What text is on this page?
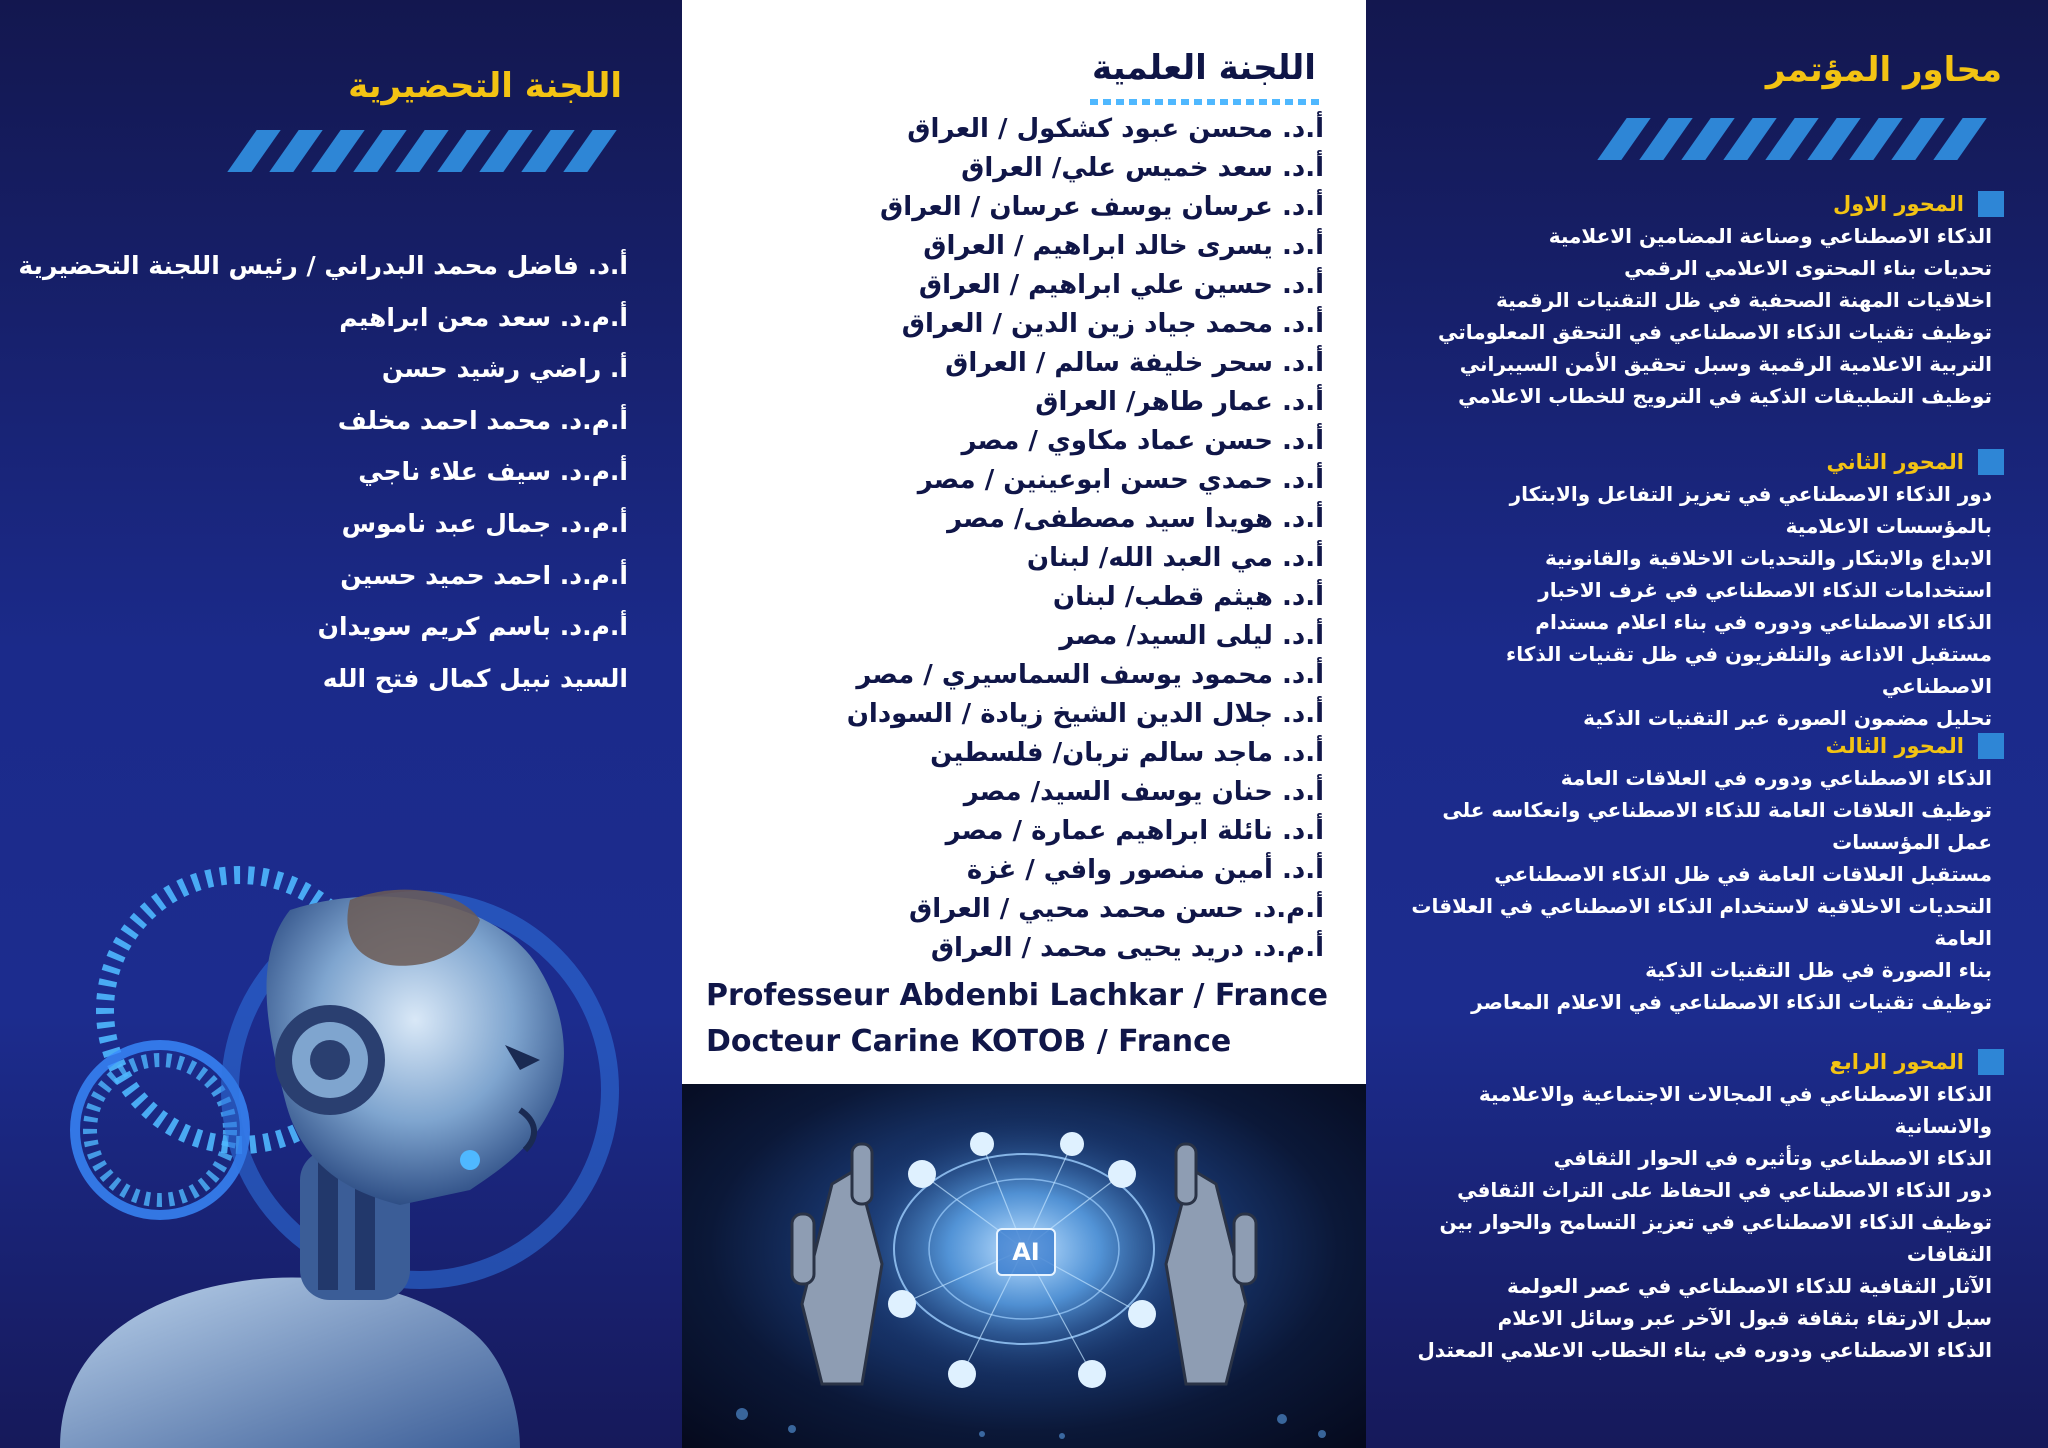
اللجنة التحضيرية
أ.د. فاضل محمد البدراني / رئيس اللجنة التحضيرية
أ.م.د. سعد معن ابراهيم
أ. راضي رشيد حسن
أ.م.د. محمد احمد مخلف
أ.م.د. سيف علاء ناجي
أ.م.د. جمال عبد ناموس
أ.م.د. احمد حميد حسين
أ.م.د. باسم كريم سويدان
السيد نبيل كمال فتح الله
اللجنة العلمية
أ.د. محسن عبود كشكول / العراق
أ.د. سعد خميس علي/ العراق
أ.د. عرسان يوسف عرسان / العراق
أ.د. يسرى خالد ابراهيم / العراق
أ.د. حسين علي ابراهيم / العراق
أ.د. محمد جياد زين الدين / العراق
أ.د. سحر خليفة سالم / العراق
أ.د. عمار طاهر/ العراق
أ.د. حسن عماد مكاوي / مصر
أ.د. حمدي حسن ابوعينين / مصر
أ.د. هويدا سيد مصطفى/ مصر
أ.د. مي العبد الله/ لبنان
أ.د. هيثم قطب/ لبنان
أ.د. ليلى السيد/ مصر
أ.د. محمود يوسف السماسيري / مصر
أ.د. جلال الدين الشيخ زيادة / السودان
أ.د. ماجد سالم تربان/ فلسطين
أ.د. حنان يوسف السيد/ مصر
أ.د. نائلة ابراهيم عمارة / مصر
أ.د. أمين منصور وافي / غزة
أ.م.د. حسن محمد محيي / العراق
أ.م.د. دريد يحيى محمد / العراق
Professeur Abdenbi Lachkar / France
Docteur Carine KOTOB / France
AI
محاور المؤتمر
المحور الاول
الذكاء الاصطناعي وصناعة المضامين الاعلامية
تحديات بناء المحتوى الاعلامي الرقمي
اخلاقيات المهنة الصحفية في ظل التقنيات الرقمية
توظيف تقنيات الذكاء الاصطناعي في التحقق المعلوماتي
التربية الاعلامية الرقمية وسبل تحقيق الأمن السيبراني
توظيف التطبيقات الذكية في الترويج للخطاب الاعلامي
المحور الثاني
دور الذكاء الاصطناعي في تعزيز التفاعل والابتكار بالمؤسسات الاعلامية
الابداع والابتكار والتحديات الاخلاقية والقانونية
استخدامات الذكاء الاصطناعي في غرف الاخبار
الذكاء الاصطناعي ودوره في بناء اعلام مستدام
مستقبل الاذاعة والتلفزيون في ظل تقنيات الذكاء الاصطناعي
تحليل مضمون الصورة عبر التقنيات الذكية
المحور الثالث
الذكاء الاصطناعي ودوره في العلاقات العامة
توظيف العلاقات العامة للذكاء الاصطناعي وانعكاسه على عمل المؤسسات
مستقبل العلاقات العامة في ظل الذكاء الاصطناعي
التحديات الاخلاقية لاستخدام الذكاء الاصطناعي في العلاقات العامة
بناء الصورة في ظل التقنيات الذكية
توظيف تقنيات الذكاء الاصطناعي في الاعلام المعاصر
المحور الرابع
الذكاء الاصطناعي في المجالات الاجتماعية والاعلامية والانسانية
الذكاء الاصطناعي وتأثيره في الحوار الثقافي
دور الذكاء الاصطناعي في الحفاظ على التراث الثقافي
توظيف الذكاء الاصطناعي في تعزيز التسامح والحوار بين الثقافات
الآثار الثقافية للذكاء الاصطناعي في عصر العولمة
سبل الارتقاء بثقافة قبول الآخر عبر وسائل الاعلام
الذكاء الاصطناعي ودوره في بناء الخطاب الاعلامي المعتدل
